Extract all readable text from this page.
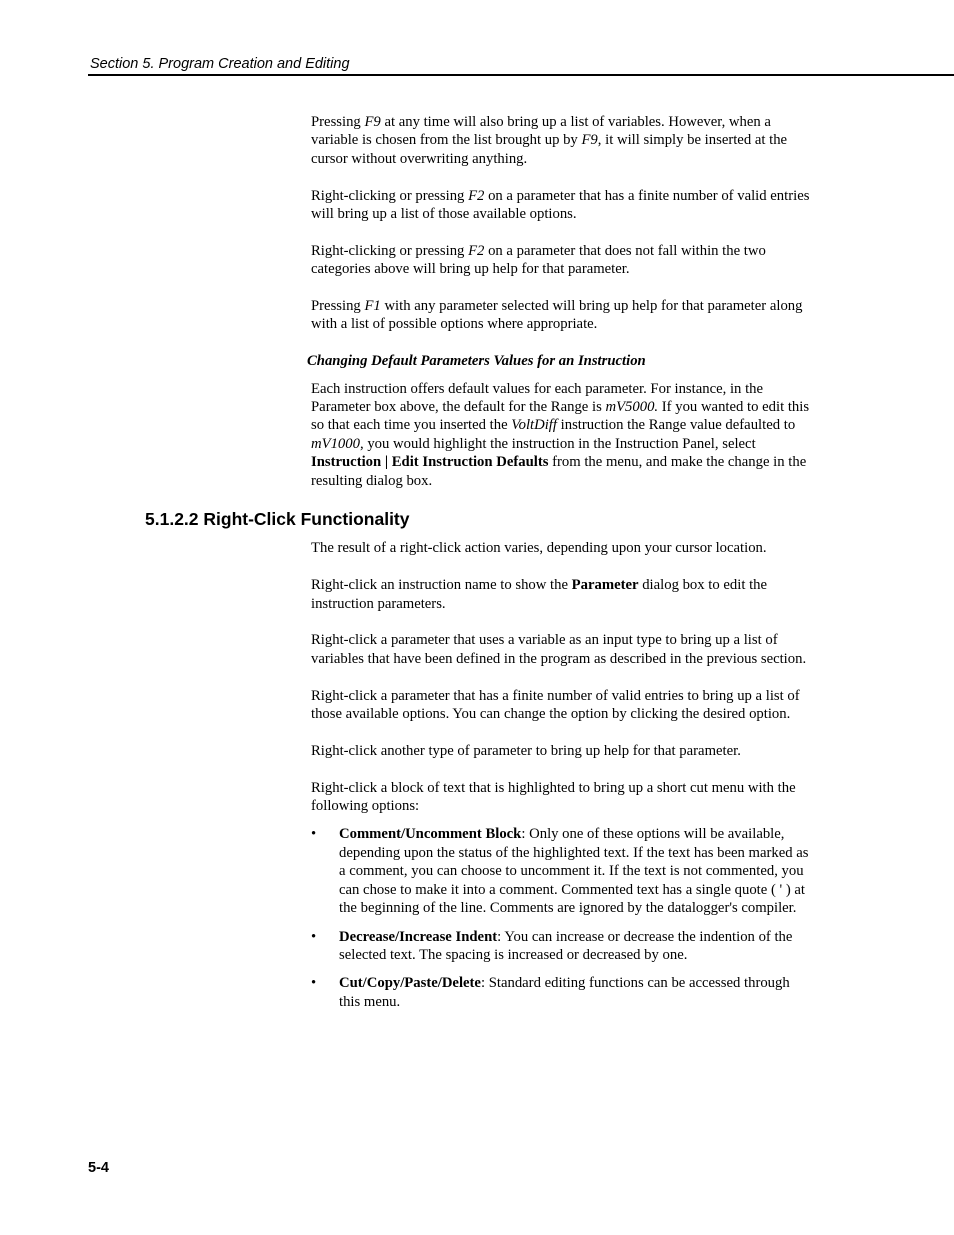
Section 5. Program Creation and Editing

Pressing F9 at any time will also bring up a list of variables. However, when a variable is chosen from the list brought up by F9, it will simply be inserted at the cursor without overwriting anything.

Right-clicking or pressing F2 on a parameter that has a finite number of valid entries will bring up a list of those available options.

Right-clicking or pressing F2 on a parameter that does not fall within the two categories above will bring up help for that parameter.

Pressing F1 with any parameter selected will bring up help for that parameter along with a list of possible options where appropriate.

Changing Default Parameters Values for an Instruction

Each instruction offers default values for each parameter. For instance, in the Parameter box above, the default for the Range is mV5000. If you wanted to edit this so that each time you inserted the VoltDiff instruction the Range value defaulted to mV1000, you would highlight the instruction in the Instruction Panel, select Instruction | Edit Instruction Defaults from the menu, and make the change in the resulting dialog box.

5.1.2.2 Right-Click Functionality

The result of a right-click action varies, depending upon your cursor location.

Right-click an instruction name to show the Parameter dialog box to edit the instruction parameters.

Right-click a parameter that uses a variable as an input type to bring up a list of variables that have been defined in the program as described in the previous section.

Right-click a parameter that has a finite number of valid entries to bring up a list of those available options. You can change the option by clicking the desired option.

Right-click another type of parameter to bring up help for that parameter.

Right-click a block of text that is highlighted to bring up a short cut menu with the following options:

• Comment/Uncomment Block: Only one of these options will be available, depending upon the status of the highlighted text. If the text has been marked as a comment, you can choose to uncomment it. If the text is not commented, you can chose to make it into a comment. Commented text has a single quote ( ' ) at the beginning of the line. Comments are ignored by the datalogger's compiler.
• Decrease/Increase Indent: You can increase or decrease the indention of the selected text. The spacing is increased or decreased by one.
• Cut/Copy/Paste/Delete: Standard editing functions can be accessed through this menu.
5-4
